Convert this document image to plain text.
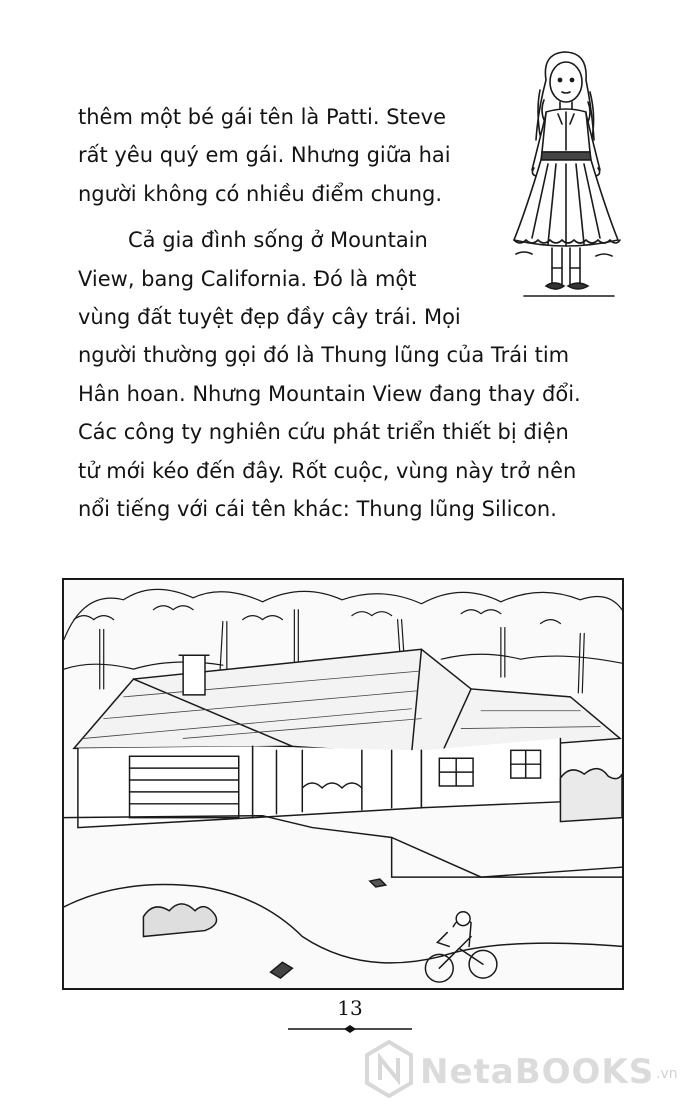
thêm một bé gái tên là Patti. Steve
rất yêu quý em gái. Nhưng giữa hai
người không có nhiều điểm chung.

Cả gia đình sống ở Mountain
View, bang California. Đó là một
vùng đất tuyệt đẹp đầy cây trái. Mọi
người thường gọi đó là Thung lũng của Trái tim
Hân hoan. Nhưng Mountain View đang thay đổi.
Các công ty nghiên cứu phát triển thiết bị điện
tử mới kéo đến đây. Rốt cuộc, vùng này trở nên
nổi tiếng với cái tên khác: Thung lũng Silicon.

13
NetaBOOKS .vn
